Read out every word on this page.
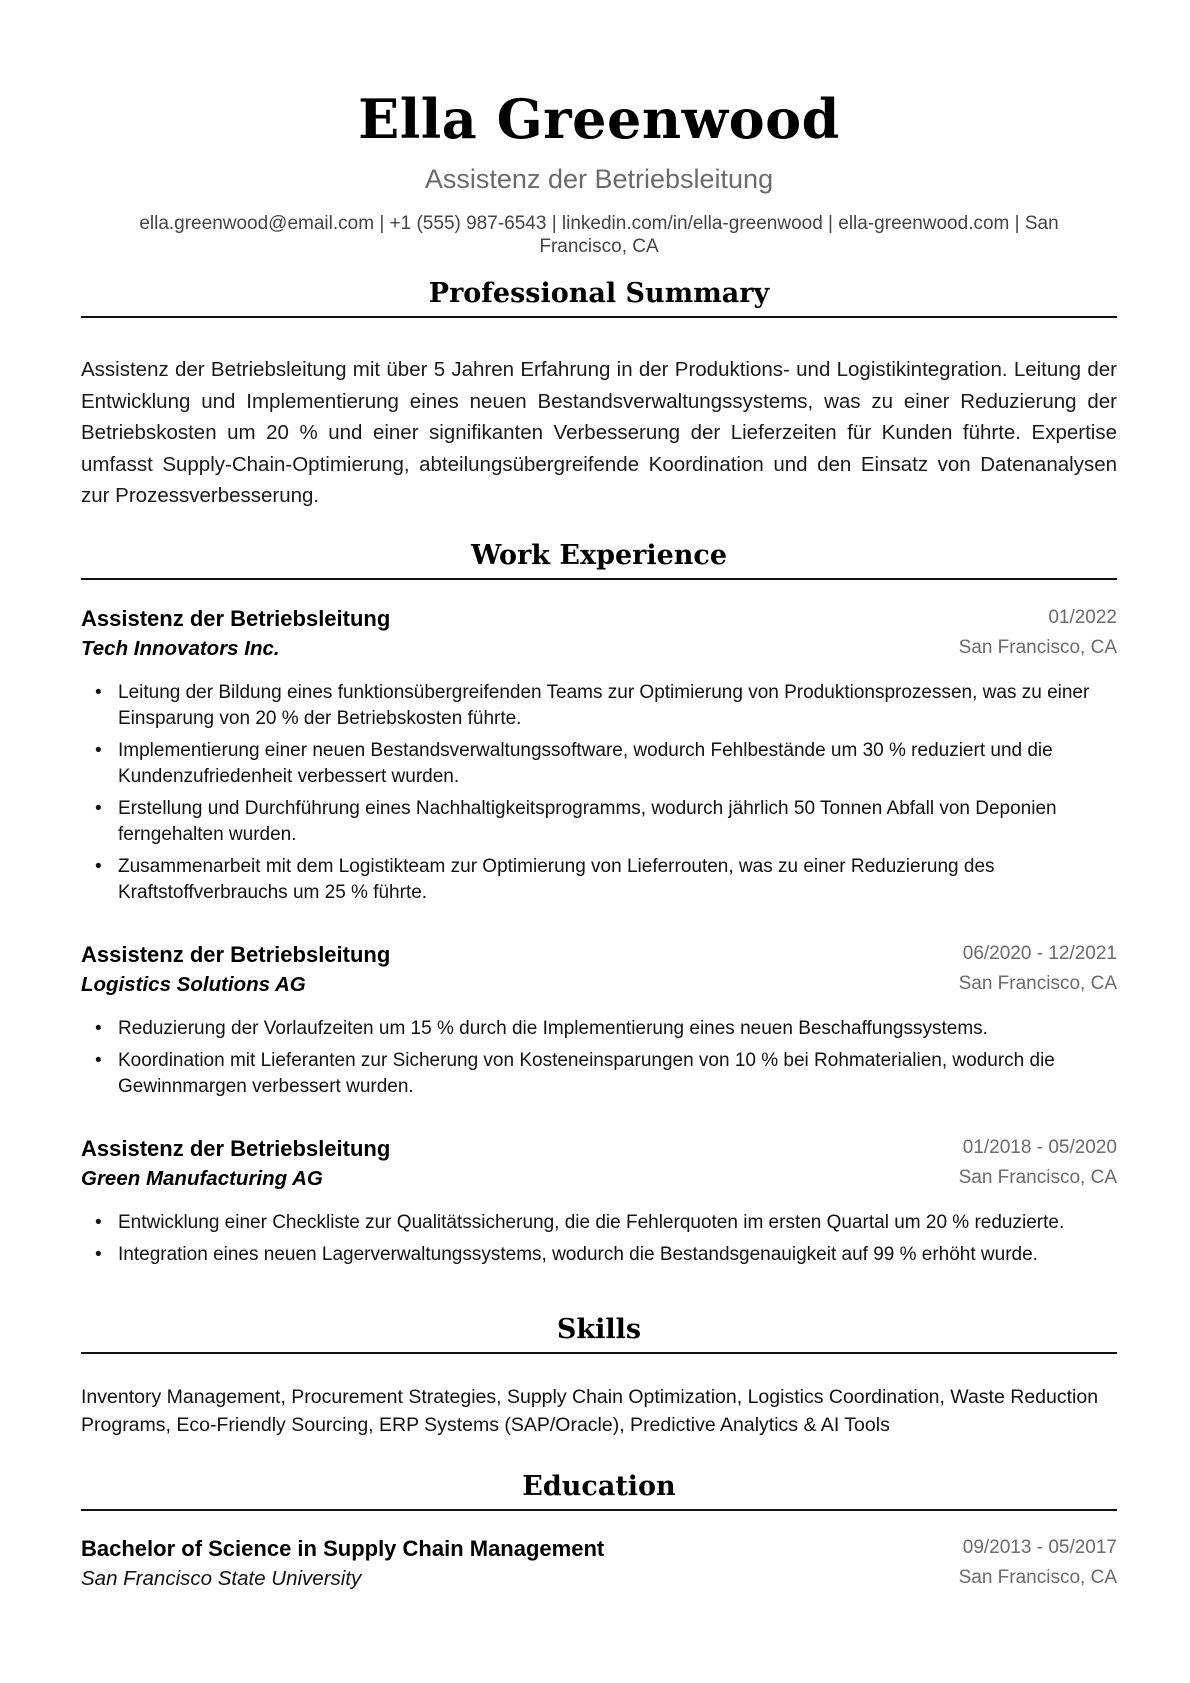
Ella Greenwood
Assistenz der Betriebsleitung
ella.greenwood@email.com | +1 (555) 987-6543 | linkedin.com/in/ella-greenwood | ella-greenwood.com | San Francisco, CA
Professional Summary
Assistenz der Betriebsleitung mit über 5 Jahren Erfahrung in der Produktions- und Logistikintegration. Leitung der Entwicklung und Implementierung eines neuen Bestandsverwaltungssystems, was zu einer Reduzierung der Betriebskosten um 20 % und einer signifikanten Verbesserung der Lieferzeiten für Kunden führte. Expertise umfasst Supply-Chain-Optimierung, abteilungsübergreifende Koordination und den Einsatz von Datenanalysen zur Prozessverbesserung.
Work Experience
Assistenz der Betriebsleitung	01/2022
Tech Innovators Inc.	San Francisco, CA
• Leitung der Bildung eines funktionsübergreifenden Teams zur Optimierung von Produktionsprozessen, was zu einer Einsparung von 20 % der Betriebskosten führte.
• Implementierung einer neuen Bestandsverwaltungssoftware, wodurch Fehlbestände um 30 % reduziert und die Kundenzufriedenheit verbessert wurden.
• Erstellung und Durchführung eines Nachhaltigkeitsprogramms, wodurch jährlich 50 Tonnen Abfall von Deponien ferngehalten wurden.
• Zusammenarbeit mit dem Logistikteam zur Optimierung von Lieferrouten, was zu einer Reduzierung des Kraftstoffverbrauchs um 25 % führte.
Assistenz der Betriebsleitung	06/2020 - 12/2021
Logistics Solutions AG	San Francisco, CA
• Reduzierung der Vorlaufzeiten um 15 % durch die Implementierung eines neuen Beschaffungssystems.
• Koordination mit Lieferanten zur Sicherung von Kosteneinsparungen von 10 % bei Rohmaterialien, wodurch die Gewinnmargen verbessert wurden.
Assistenz der Betriebsleitung	01/2018 - 05/2020
Green Manufacturing AG	San Francisco, CA
• Entwicklung einer Checkliste zur Qualitätssicherung, die die Fehlerquoten im ersten Quartal um 20 % reduzierte.
• Integration eines neuen Lagerverwaltungssystems, wodurch die Bestandsgenauigkeit auf 99 % erhöht wurde.
Skills
Inventory Management, Procurement Strategies, Supply Chain Optimization, Logistics Coordination, Waste Reduction Programs, Eco-Friendly Sourcing, ERP Systems (SAP/Oracle), Predictive Analytics & AI Tools
Education
Bachelor of Science in Supply Chain Management	09/2013 - 05/2017
San Francisco State University	San Francisco, CA
